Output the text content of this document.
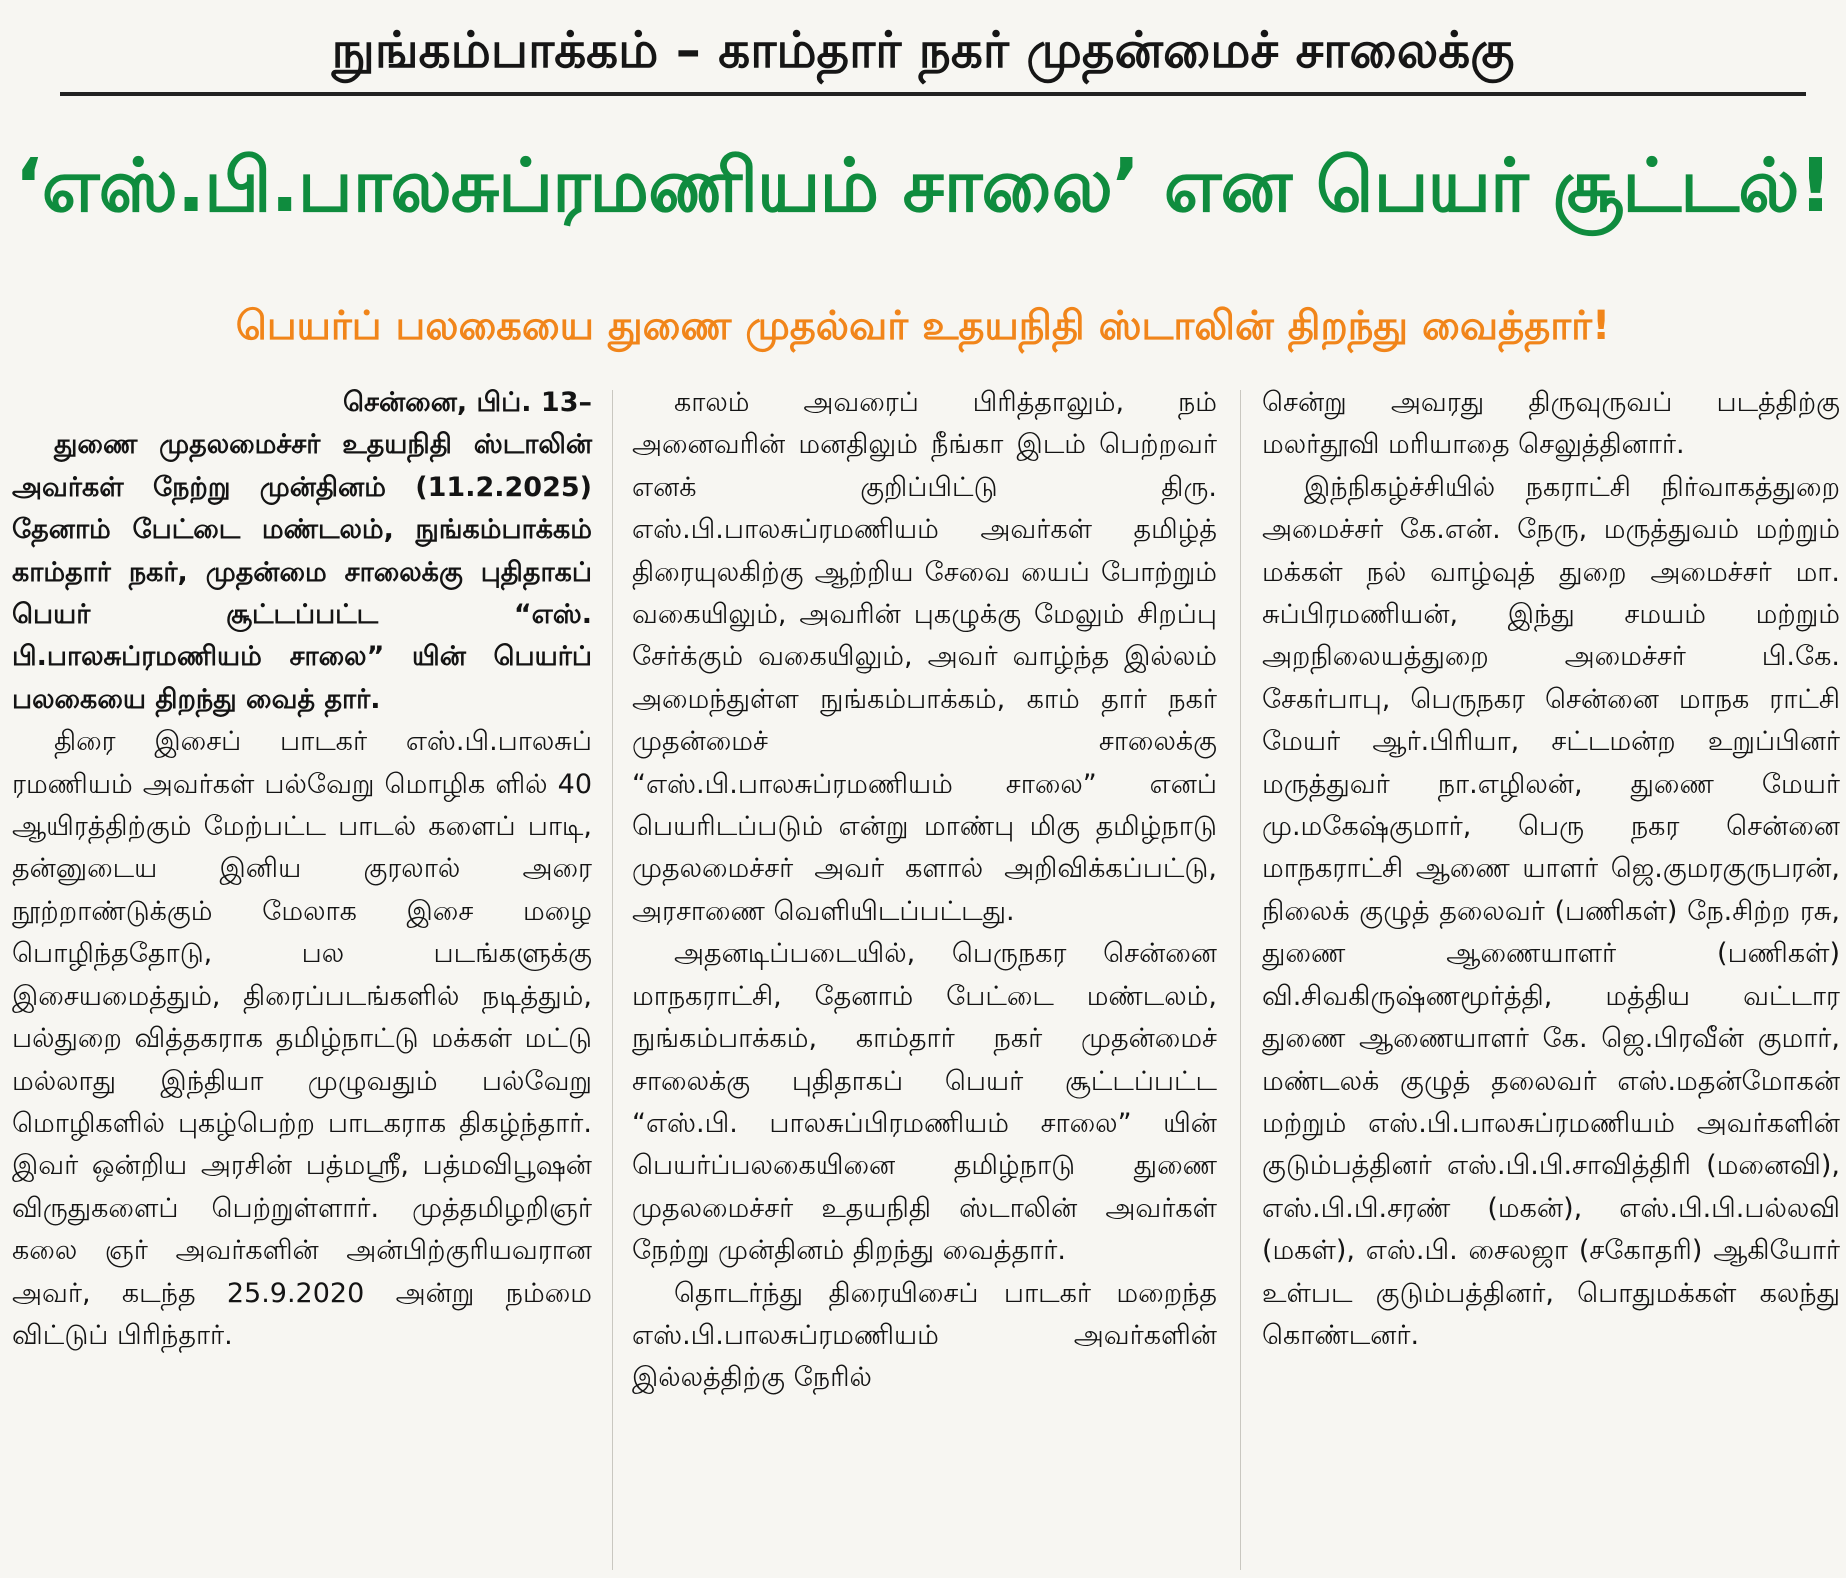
நுங்கம்பாக்கம் – காம்தார் நகர் முதன்மைச் சாலைக்கு
‘எஸ்.பி.பாலசுப்ரமணியம் சாலை’ என பெயர் சூட்டல்!
பெயர்ப் பலகையை துணை முதல்வர் உதயநிதி ஸ்டாலின் திறந்து வைத்தார்!

சென்னை, பிப். 13–

துணை முதலமைச்சர் உதயநிதி ஸ்டாலின் அவர்கள் நேற்று முன்தினம் (11.2.2025) தேனாம் பேட்டை மண்டலம், நுங்கம்பாக்கம் காம்தார் நகர், முதன்மை சாலைக்கு புதிதாகப் பெயர் சூட்டப்பட்ட “எஸ். பி.பாலசுப்ரமணியம் சாலை” யின் பெயர்ப் பலகையை திறந்து வைத் தார்.

திரை இசைப் பாடகர் எஸ்.பி.பாலசுப் ரமணியம் அவர்கள் பல்வேறு மொழிக ளில் 40 ஆயிரத்திற்கும் மேற்பட்ட பாடல் களைப் பாடி, தன்னுடைய இனிய குரலால் அரை நூற்றாண்டுக்கும் மேலாக இசை மழை பொழிந்ததோடு, பல படங்களுக்கு இசையமைத்தும், திரைப்படங்களில் நடித்தும், பல்துறை வித்தகராக தமிழ்நாட்டு மக்கள் மட்டு மல்லாது இந்தியா முழுவதும் பல்வேறு மொழிகளில் புகழ்பெற்ற பாடகராக திகழ்ந்தார். இவர் ஒன்றிய அரசின் பத்மஸ்ரீ, பத்மவிபூஷன் விருதுகளைப் பெற்றுள்ளார். முத்தமிழறிஞர் கலை ஞர் அவர்களின் அன்பிற்குரியவரான அவர், கடந்த 25.9.2020 அன்று நம்மை விட்டுப் பிரிந்தார்.

காலம் அவரைப் பிரித்தாலும், நம் அனைவரின் மனதிலும் நீங்கா இடம் பெற்றவர் எனக் குறிப்பிட்டு திரு. எஸ்.பி.பாலசுப்ரமணியம் அவர்கள் தமிழ்த் திரையுலகிற்கு ஆற்றிய சேவை யைப் போற்றும் வகையிலும், அவரின் புகழுக்கு மேலும் சிறப்பு சேர்க்கும் வகையிலும், அவர் வாழ்ந்த இல்லம் அமைந்துள்ள நுங்கம்பாக்கம், காம் தார் நகர் முதன்மைச் சாலைக்கு “எஸ்.பி.பாலசுப்ரமணியம் சாலை” எனப் பெயரிடப்படும் என்று மாண்பு மிகு தமிழ்நாடு முதலமைச்சர் அவர் களால் அறிவிக்கப்பட்டு, அரசாணை வெளியிடப்பட்டது.

அதனடிப்படையில், பெருநகர சென்னை மாநகராட்சி, தேனாம் பேட்டை மண்டலம், நுங்கம்பாக்கம், காம்தார் நகர் முதன்மைச் சாலைக்கு புதிதாகப் பெயர் சூட்டப்பட்ட “எஸ்.பி. பாலசுப்பிரமணியம் சாலை” யின் பெயர்ப்பலகையினை தமிழ்நாடு துணை முதலமைச்சர் உதயநிதி ஸ்டாலின் அவர்கள் நேற்று முன்தினம் திறந்து வைத்தார்.

தொடர்ந்து திரையிசைப் பாடகர் மறைந்த எஸ்.பி.பாலசுப்ரமணியம் அவர்களின் இல்லத்திற்கு நேரில்

சென்று அவரது திருவுருவப் படத்திற்கு மலர்தூவி மரியாதை செலுத்தினார்.

இந்நிகழ்ச்சியில் நகராட்சி நிர்வாகத்துறை அமைச்சர் கே.என். நேரு, மருத்துவம் மற்றும் மக்கள் நல் வாழ்வுத் துறை அமைச்சர் மா. சுப்பிரமணியன், இந்து சமயம் மற்றும் அறநிலையத்துறை அமைச்சர் பி.கே. சேகர்பாபு, பெருநகர சென்னை மாநக ராட்சி மேயர் ஆர்.பிரியா, சட்டமன்ற உறுப்பினர் மருத்துவர் நா.எழிலன், துணை மேயர் மு.மகேஷ்குமார், பெரு நகர சென்னை மாநகராட்சி ஆணை யாளர் ஜெ.குமரகுருபரன், நிலைக் குழுத் தலைவர் (பணிகள்) நே.சிற்ற ரசு, துணை ஆணையாளர் (பணிகள்) வி.சிவகிருஷ்ணமூர்த்தி, மத்திய வட்டார துணை ஆணையாளர் கே. ஜெ.பிரவீன் குமார், மண்டலக் குழுத் தலைவர் எஸ்.மதன்மோகன் மற்றும் எஸ்.பி.பாலசுப்ரமணியம் அவர்களின் குடும்பத்தினர் எஸ்.பி.பி.சாவித்திரி (மனைவி), எஸ்.பி.பி.சரண் (மகன்), எஸ்.பி.பி.பல்லவி (மகள்), எஸ்.பி. சைலஜா (சகோதரி) ஆகியோர் உள்பட குடும்பத்தினர், பொதுமக்கள் கலந்து கொண்டனர்.
